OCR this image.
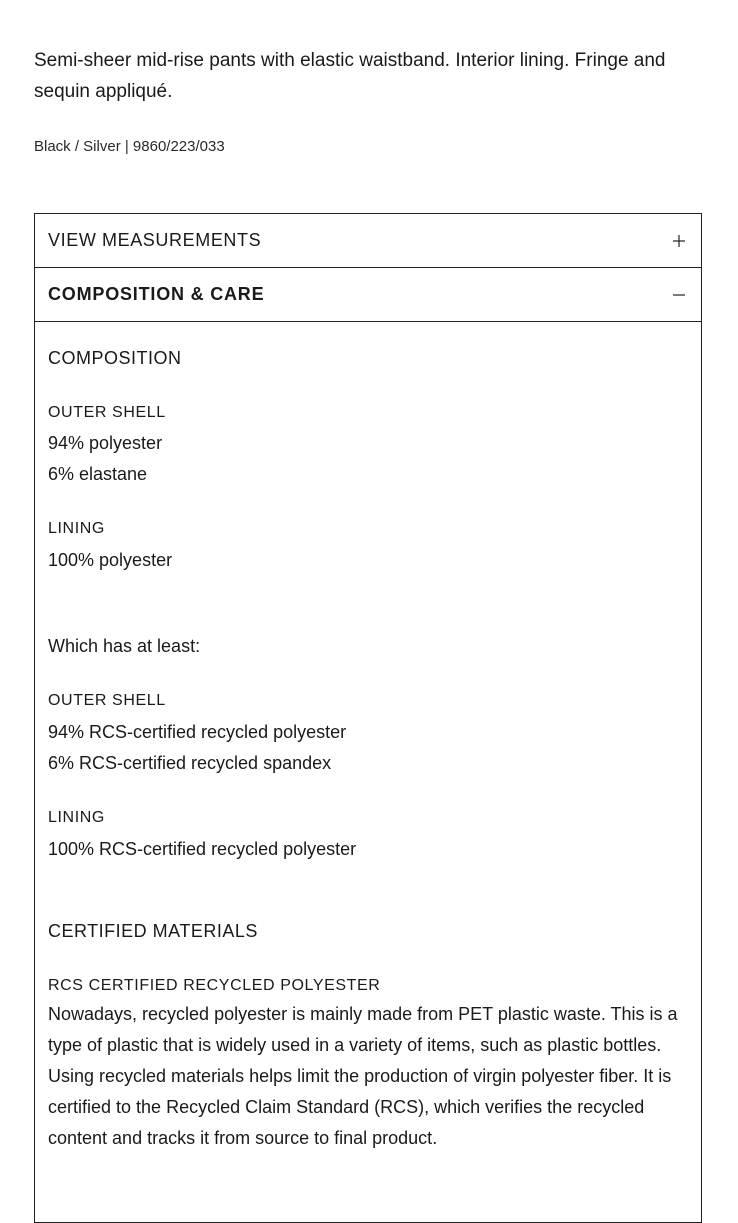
Semi-sheer mid-rise pants with elastic waistband. Interior lining. Fringe and sequin appliqué.

Black / Silver | 9860/223/033

VIEW MEASUREMENTS
COMPOSITION & CARE

COMPOSITION

OUTER SHELL

94% polyester

6% elastane

LINING

100% polyester

Which has at least:

OUTER SHELL

94% RCS-certified recycled polyester

6% RCS-certified recycled spandex

LINING

100% RCS-certified recycled polyester

CERTIFIED MATERIALS

RCS CERTIFIED RECYCLED POLYESTER

Nowadays, recycled polyester is mainly made from PET plastic waste. This is a type of plastic that is widely used in a variety of items, such as plastic bottles. Using recycled materials helps limit the production of virgin polyester fiber. It is certified to the Recycled Claim Standard (RCS), which verifies the recycled content and tracks it from source to final product.
